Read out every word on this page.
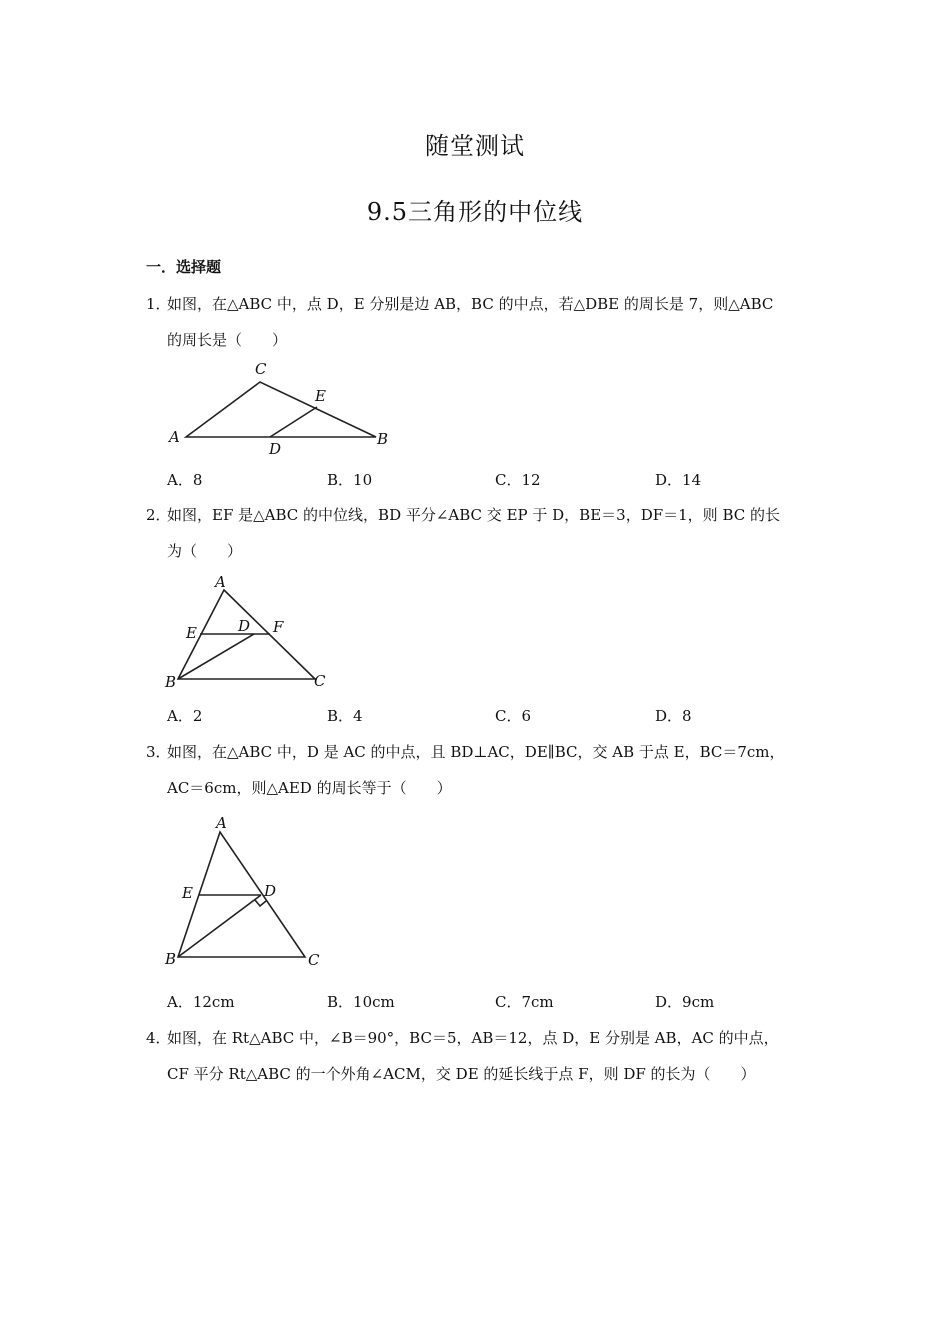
随堂测试
9.5三角形的中位线
一．选择题
1．
如图，在△ABC 中，点 D，E 分别是边 AB，BC 的中点，若△DBE 的周长是 7，则△ABC
的周长是（　　）
C
E
A
D
B
A．8	B．10	C．12	D．14
2．
如图，EF 是△ABC 的中位线，BD 平分∠ABC 交 EP 于 D，BE＝3，DF＝1，则 BC 的长
为（　　）
A
E	D F
B	C
A．2	B．4	C．6	D．8
3．
如图，在△ABC 中，D 是 AC 的中点，且 BD⊥AC，DE∥BC，交 AB 于点 E，BC＝7cm，
AC＝6cm，则△AED 的周长等于（　　）
A
E	D
B	C
A．12cm	B．10cm	C．7cm	D．9cm
4．
如图，在 Rt△ABC 中，∠B＝90°，BC＝5，AB＝12，点 D，E 分别是 AB，AC 的中点，
CF 平分 Rt△ABC 的一个外角∠ACM，交 DE 的延长线于点 F，则 DF 的长为（　　）
